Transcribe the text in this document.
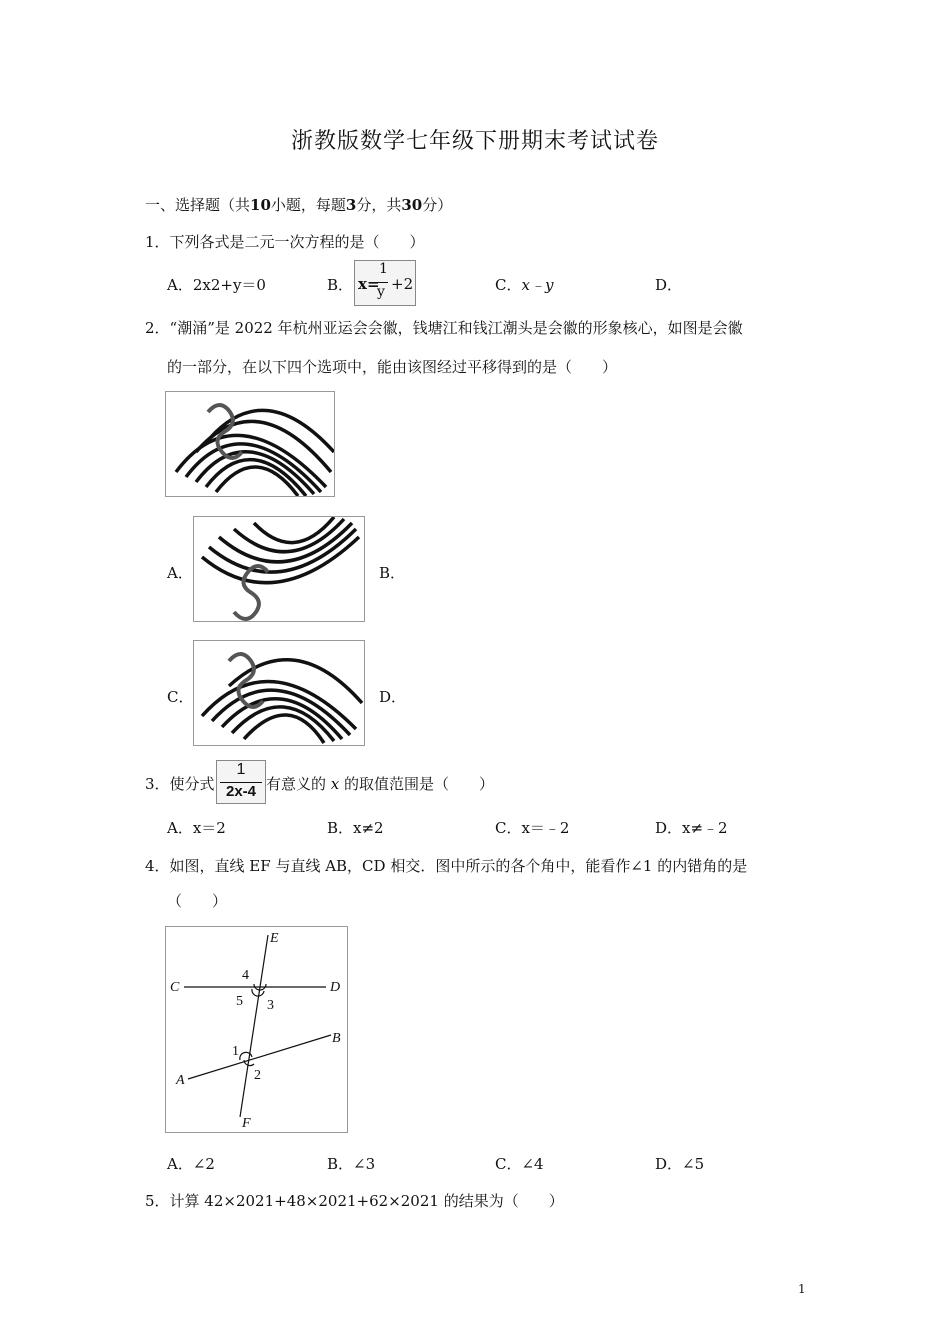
浙教版数学七年级下册期末考试试卷
一、选择题（共10小题，每题3分，共30分）
1．下列各式是二元一次方程的是（　　）
A．2x2+y＝0	B． x=
1
y +2	C．x﹣y	D．
2．“潮涌”是 2022 年杭州亚运会会徽，钱塘江和钱江潮头是会徽的形象核心，如图是会徽
的一部分，在以下四个选项中，能由该图经过平移得到的是（　　）
A．	B．
C．	D．
3．使分式
1
2x-4 有意义的 x 的取值范围是（　　）
A．x＝2	B．x≠2	C．x＝﹣2	D．x≠﹣2
4．如图，直线 EF 与直线 AB，CD 相交．图中所示的各个角中，能看作∠1 的内错角的是
（　　）
E
C	D
4
5 3
B
1
A	2
F
A．∠2	B．∠3	C．∠4	D．∠5
5．计算 42×2021+48×2021+62×2021 的结果为（　　）
1
